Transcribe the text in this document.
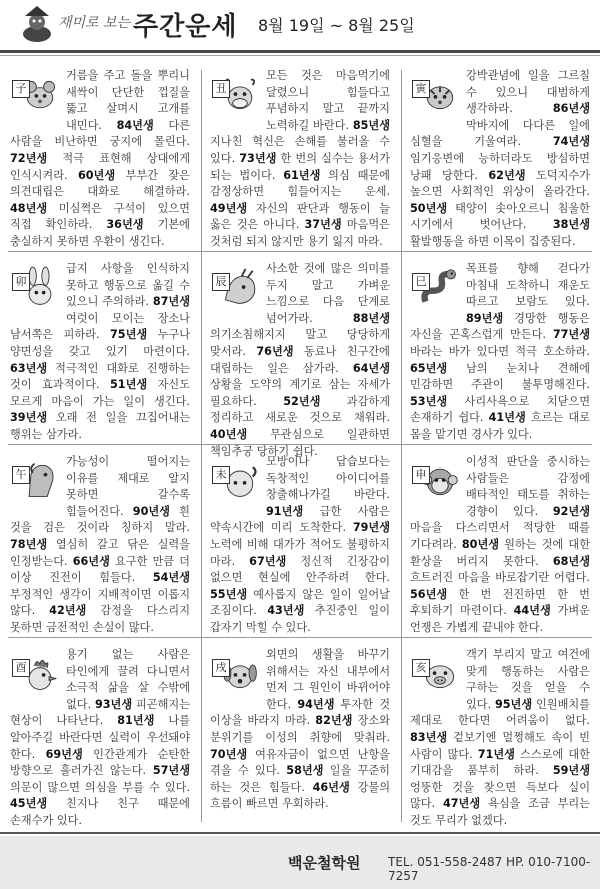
재미로 보는 주간운세 8월 19일 ~ 8월 25일
子
거름을 주고 돌을 뿌리니 새싹이 단단한 껍질을 뚫고 살며시 고개를 내민다. 84년생 다른 사람을 비난하면 궁지에 몰린다. 72년생 적극 표현해 상대에게 인식시켜라. 60년생 부부간 잦은 의견대립은 대화로 해결하라. 48년생 미심쩍은 구석이 있으면 직접 확인하라. 36년생 기본에 충실하지 못하면 우환이 생긴다.
丑
모든 것은 마음먹기에 달렸으니 힘들다고 푸념하지 말고 끝까지 노력하길 바란다. 85년생 지나친 혁신은 손해를 불러올 수 있다. 73년생 한 번의 실수는 용서가 되는 법이다. 61년생 의심 때문에 감정상하면 힘들어지는 운세. 49년생 자신의 판단과 행동이 늘 옳은 것은 아니다. 37년생 마음먹은 것처럼 되지 않지만 용기 잃지 마라.
寅
강박관념에 일을 그르칠 수 있으니 대범하게 생각하라. 86년생 막바지에 다다른 일에 심혈을 기울여라. 74년생 임기응변에 능하더라도 방심하면 낭패 당한다. 62년생 도덕지수가 높으면 사회적인 위상이 올라간다. 50년생 태양이 솟아오르니 침울한 시기에서 벗어난다. 38년생 활발행동을 하면 이목이 집중된다.
卯
급지 사항을 인식하지 못하고 행동으로 옮길 수 있으니 주의하라. 87년생 여럿이 모이는 장소나 남서쪽은 피하라. 75년생 누구나 양면성을 갖고 있기 마련이다. 63년생 적극적인 대화로 진행하는 것이 효과적이다. 51년생 자신도 모르게 마음이 가는 일이 생긴다. 39년생 오래 전 일을 끄집어내는 행위는 삼가라.
辰
사소한 것에 많은 의미를 두지 말고 가벼운 느낌으로 다음 단계로 넘어가라. 88년생 의기소침해지지 말고 당당하게 맞서라. 76년생 동료나 친구간에 대립하는 일은 삼가라. 64년생 상황을 도약의 계기로 삼는 자세가 필요하다. 52년생 과감하게 정리하고 새로운 것으로 채워라. 40년생 무관심으로 일관하면 책임추궁 당하기 쉽다.
巳
목표를 향해 걷다가 마침내 도착하니 재운도 따르고 보람도 있다. 89년생 경망한 행동은 자신을 곤혹스럽게 만든다. 77년생 바라는 바가 있다면 적극 호소하라. 65년생 남의 눈치나 견해에 민감하면 주관이 불투명해진다. 53년생 사리사욕으로 치닫으면 손재하기 쉽다. 41년생 흐르는 대로 몸을 맡기면 경사가 있다.
午
가능성이 떨어지는 이유를 제대로 알지 못하면 갈수록 힘들어진다. 90년생 흰 것을 검은 것이라 칭하지 말라. 78년생 열심히 갈고 닦은 실력을 인정받는다. 66년생 요구한 만큼 더 이상 진전이 힘들다. 54년생 부정적인 생각이 지배적이면 이롭지 않다. 42년생 감정을 다스리지 못하면 금전적인 손실이 많다.
未
모방이나 답습보다는 독창적인 아이디어를 창출해나가길 바란다. 91년생 급한 사람은 약속시간에 미리 도착한다. 79년생 노력에 비해 대가가 적어도 불평하지 마라. 67년생 정신적 긴장감이 없으면 현실에 안주하려 한다. 55년생 예사롭지 않은 일이 일어날 조짐이다. 43년생 추진중인 일이 갑자기 막힐 수 있다.
申
이성적 판단을 중시하는 사람들은 감정에 배타적인 태도를 취하는 경향이 있다. 92년생 마음을 다스리면서 적당한 때를 기다려라. 80년생 원하는 것에 대한 환상을 버리지 못한다. 68년생 흐트러진 마음을 바로잡기란 어렵다. 56년생 한 번 전진하면 한 번 후퇴하기 마련이다. 44년생 가벼운 언쟁은 가볍게 끝내야 한다.
酉
용기 없는 사람은 타인에게 끌려 다니면서 소극적 삶을 살 수밖에 없다. 93년생 피곤해지는 현상이 나타난다. 81년생 나를 알아주길 바란다면 실력이 우선돼야 한다. 69년생 인간관계가 순탄한 방향으로 흘러가진 않는다. 57년생 의문이 많으면 의심을 부를 수 있다. 45년생 친지나 친구 때문에 손재수가 있다.
戌
외면의 생활을 바꾸기 위해서는 자신 내부에서 먼저 그 원인이 바뀌어야 한다. 94년생 투자한 것 이상을 바라지 마라. 82년생 장소와 분위기를 이성의 취향에 맞춰라. 70년생 여유자금이 없으면 난항을 겪을 수 있다. 58년생 일을 꾸준히 하는 것은 힘들다. 46년생 강물의 흐름이 빠르면 우회하라.
亥
객기 부리지 말고 여건에 맞게 행동하는 사람은 구하는 것을 얻을 수 있다. 95년생 인원배치를 제대로 한다면 어려움이 없다. 83년생 겉보기엔 멀쩡해도 속이 빈 사람이 많다. 71년생 스스로에 대한 기대감을 품부히 하라. 59년생 엉뚱한 것을 찾으면 득보다 실이 많다. 47년생 욕심을 조금 부리는 것도 무리가 없겠다.
백운철학원 TEL. 051-558-2487 HP. 010-7100-7257
